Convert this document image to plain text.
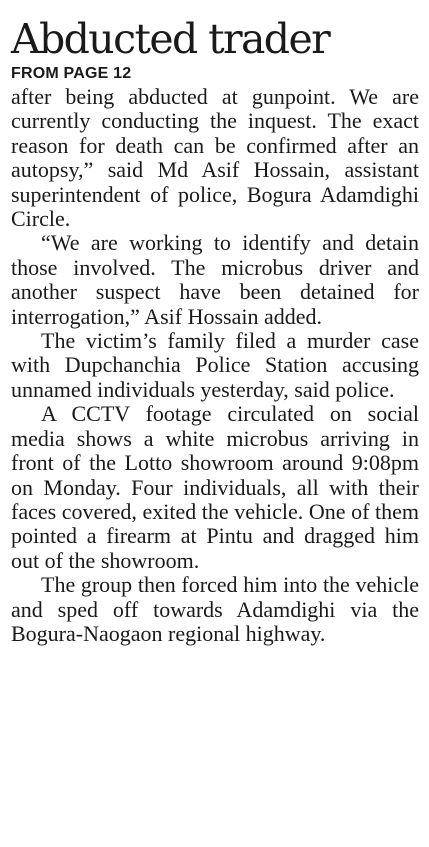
Abducted trader
FROM PAGE 12

after being abducted at gunpoint. We are currently conducting the inquest. The exact reason for death can be confirmed after an autopsy,” said Md Asif Hossain, assistant superintendent of police, Bogura Adamdighi Circle.

“We are working to identify and detain those involved. The microbus driver and another suspect have been detained for interrogation,” Asif Hossain added.

The victim’s family filed a murder case with Dupchanchia Police Station accusing unnamed individuals yesterday, said police.

A CCTV footage circulated on social media shows a white microbus arriving in front of the Lotto showroom around 9:08pm on Monday. Four individuals, all with their faces covered, exited the vehicle. One of them pointed a firearm at Pintu and dragged him out of the showroom.

The group then forced him into the vehicle and sped off towards Adamdighi via the Bogura-Naogaon regional highway.
